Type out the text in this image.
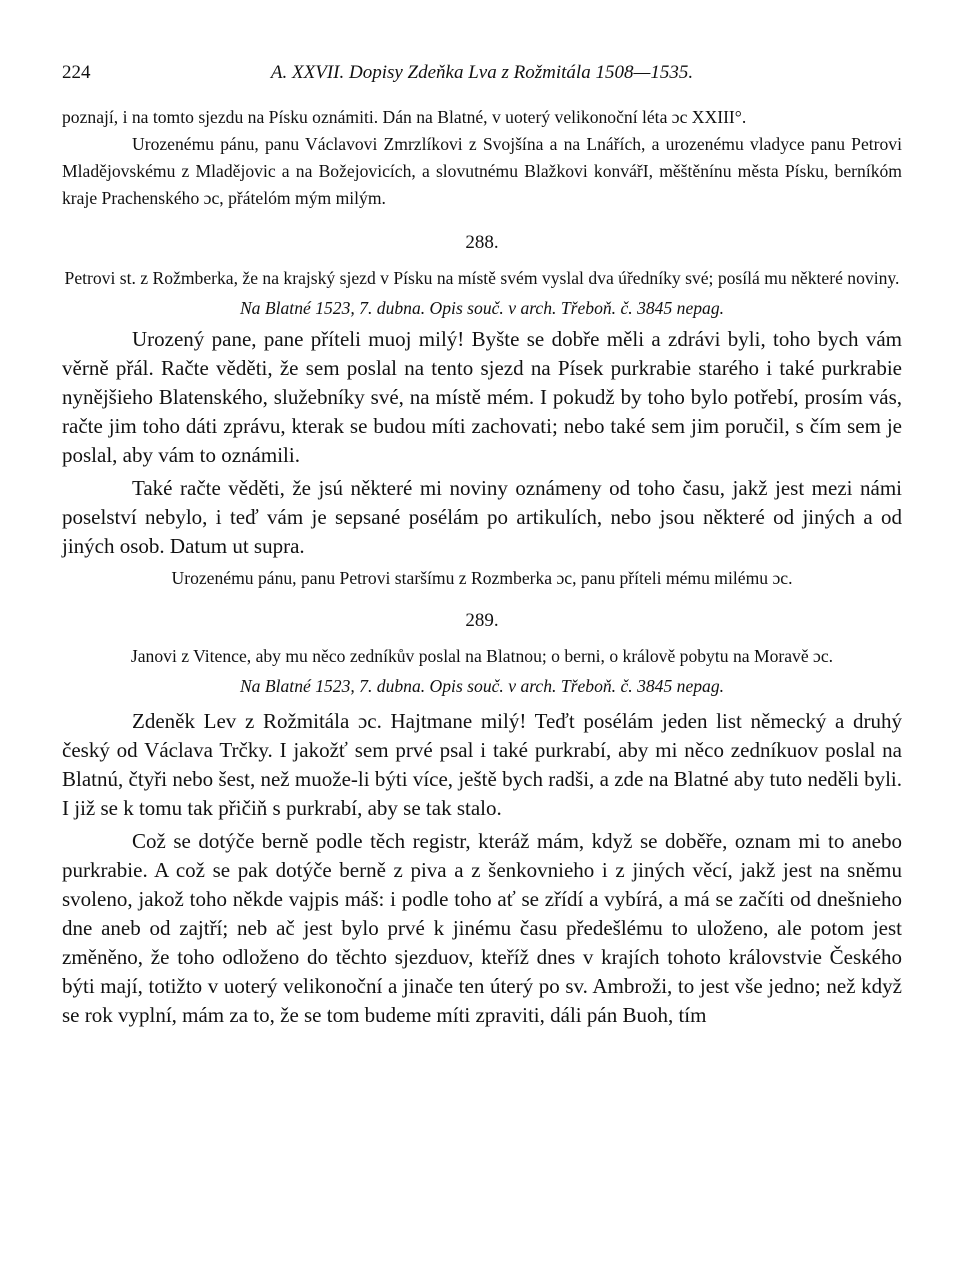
224	A. XXVII. Dopisy Zdeňka Lva z Rožmitála 1508—1535.

poznají, i na tomto sjezdu na Písku oznámiti. Dán na Blatné, v uoterý velikonoční léta ɔc XXIII°.

Urozenému pánu, panu Václavovi Zmrzlíkovi z Svojšína a na Lnářích, a urozenému vladyce panu Petrovi Mladějovskému z Mladějovic a na Božejovicích, a slovutnému Blažkovi konvářI, měštěnínu města Písku, berníkóm kraje Prachenského ɔc, přátelóm mým milým.

288.

Petrovi st. z Rožmberka, že na krajský sjezd v Písku na místě svém vyslal dva úředníky své; posílá mu některé noviny.

Na Blatné 1523, 7. dubna. Opis souč. v arch. Třeboň. č. 3845 nepag.

Urozený pane, pane příteli muoj milý! Byšte se dobře měli a zdrávi byli, toho bych vám věrně přál. Račte věděti, že sem poslal na tento sjezd na Písek purkrabie starého i také purkrabie nynějšieho Blatenského, služebníky své, na místě mém. I pokudž by toho bylo potřebí, prosím vás, račte jim toho dáti zprávu, kterak se budou míti zachovati; nebo také sem jim poručil, s čím sem je poslal, aby vám to oznámili.

Také račte věděti, že jsú některé mi noviny oznámeny od toho času, jakž jest mezi námi poselství nebylo, i teď vám je sepsané posélám po artikulích, nebo jsou některé od jiných a od jiných osob. Datum ut supra.

Urozenému pánu, panu Petrovi staršímu z Rozmberka ɔc, panu příteli mému milému ɔc.

289.

Janovi z Vitence, aby mu něco zedníkův poslal na Blatnou; o berni, o králově pobytu na Moravě ɔc.

Na Blatné 1523, 7. dubna. Opis souč. v arch. Třeboň. č. 3845 nepag.

Zdeněk Lev z Rožmitála ɔc. Hajtmane milý! Teďt posélám jeden list německý a druhý český od Václava Trčky. I jakožť sem prvé psal i také purkrabí, aby mi něco zedníkuov poslal na Blatnú, čtyři nebo šest, než muože-li býti více, ještě bych radši, a zde na Blatné aby tuto neděli byli. I již se k tomu tak přičiň s purkrabí, aby se tak stalo.

Což se dotýče berně podle těch registr, kteráž mám, když se doběře, oznam mi to anebo purkrabie. A což se pak dotýče berně z piva a z šenkovnieho i z jiných věcí, jakž jest na sněmu svoleno, jakož toho někde vajpis máš: i podle toho ať se zřídí a vybírá, a má se začíti od dnešnieho dne aneb od zajtří; neb ač jest bylo prvé k jinému času předešlému to uloženo, ale potom jest změněno, že toho odloženo do těchto sjezduov, kteříž dnes v krajích tohoto královstvie Českého býti mají, totižto v uoterý velikonoční a jinače ten úterý po sv. Ambroži, to jest vše jedno; než když se rok vyplní, mám za to, že se tom budeme míti zpraviti, dáli pán Buoh, tím
